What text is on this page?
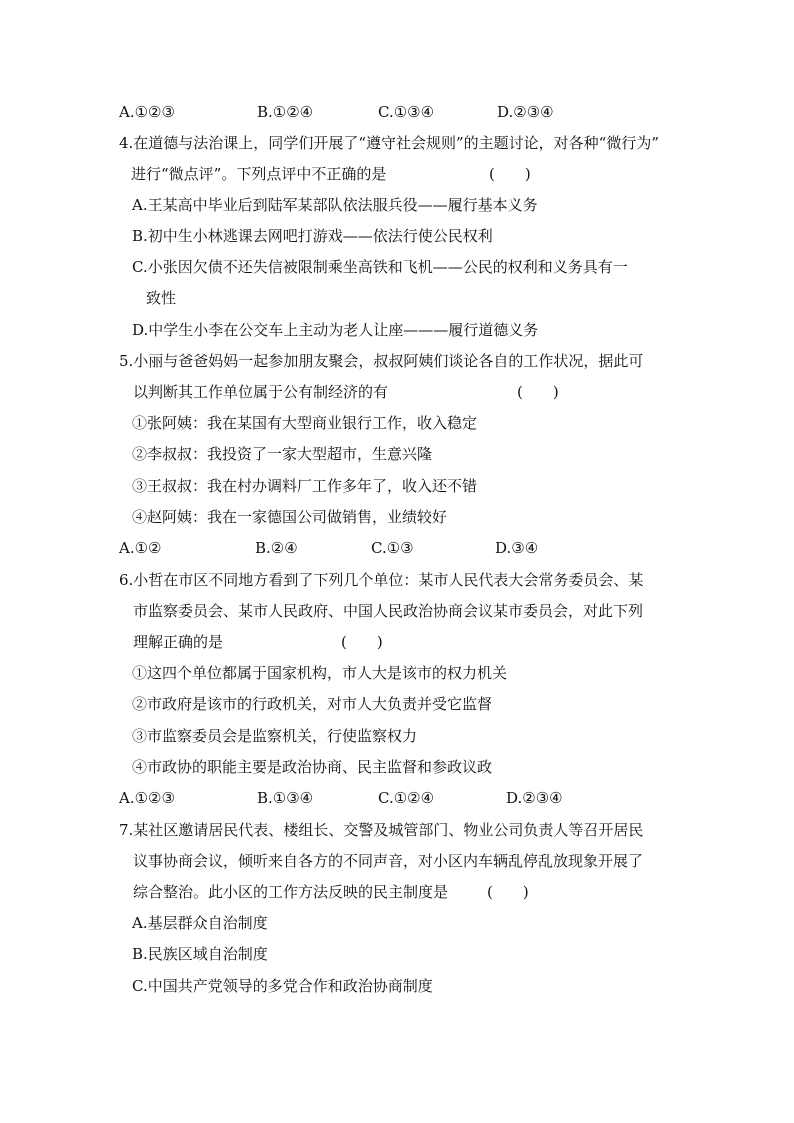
A.①②③	B.①②④	C.①③④	D.②③④
4.在道德与法治课上，同学们开展了“遵守社会规则”的主题讨论，对各种“微行为”
进行“微点评”。下列点评中不正确的是	(　　)
A.王某高中毕业后到陆军某部队依法服兵役——履行基本义务
B.初中生小林逃课去网吧打游戏——依法行使公民权利
C.小张因欠债不还失信被限制乘坐高铁和飞机——公民的权利和义务具有一
致性
D.中学生小李在公交车上主动为老人让座———履行道德义务
5.小丽与爸爸妈妈一起参加朋友聚会，叔叔阿姨们谈论各自的工作状况，据此可
以判断其工作单位属于公有制经济的有	(　　)
①张阿姨：我在某国有大型商业银行工作，收入稳定
②李叔叔：我投资了一家大型超市，生意兴隆
③王叔叔：我在村办调料厂工作多年了，收入还不错
④赵阿姨：我在一家德国公司做销售，业绩较好
A.①②	B.②④	C.①③	D.③④
6.小哲在市区不同地方看到了下列几个单位：某市人民代表大会常务委员会、某
市监察委员会、某市人民政府、中国人民政治协商会议某市委员会，对此下列
理解正确的是	(　　)
①这四个单位都属于国家机构，市人大是该市的权力机关
②市政府是该市的行政机关，对市人大负责并受它监督
③市监察委员会是监察机关，行使监察权力
④市政协的职能主要是政治协商、民主监督和参政议政
A.①②③	B.①③④	C.①②④	D.②③④
7.某社区邀请居民代表、楼组长、交警及城管部门、物业公司负责人等召开居民
议事协商会议，倾听来自各方的不同声音，对小区内车辆乱停乱放现象开展了
综合整治。此小区的工作方法反映的民主制度是	(　　)
A.基层群众自治制度
B.民族区域自治制度
C.中国共产党领导的多党合作和政治协商制度
